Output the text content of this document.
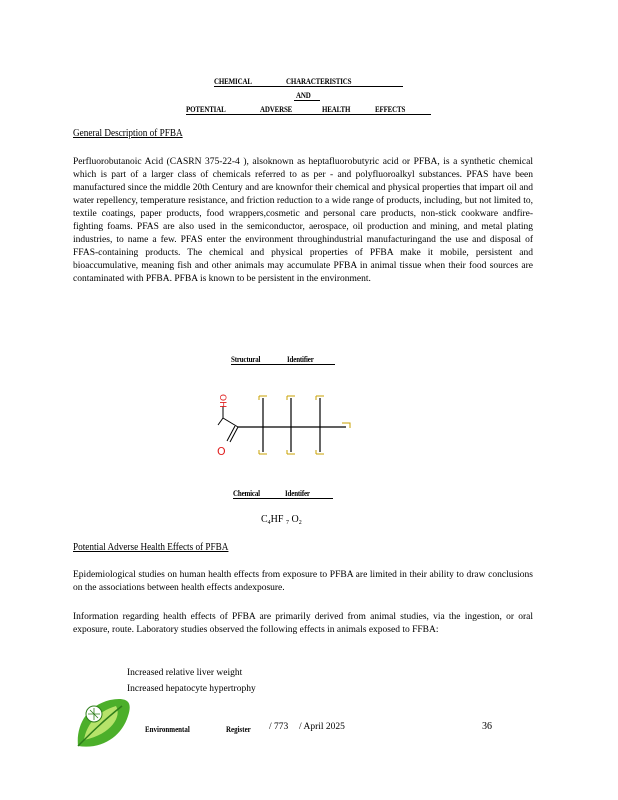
CHEMICAL	CHARACTERISTICS
AND
POTENTIAL	ADVERSE	HEALTH	EFFECTS
General Description of PFBA
Perfluorobutanoic Acid (CASRN 375-22-4 ), alsoknown as heptafluorobutyric acid or PFBA, is a synthetic chemical which is part of a larger class of chemicals referred to as per - and polyfluoroalkyl substances. PFAS have been manufactured since the middle 20th Century and are knownfor their chemical and physical properties that impart oil and water repellency, temperature resistance, and friction reduction to a wide range of products, including, but not limited to, textile coatings, paper products, food wrappers,cosmetic and personal care products, non-stick cookware andfire-fighting foams. PFAS are also used in the semiconductor, aerospace, oil production and mining, and metal plating industries, to name a few. PFAS enter the environment throughindustrial manufacturingand the use and disposal of FFAS-containing products. The chemical and physical properties of PFBA make it mobile, persistent and bioaccumulative, meaning fish and other animals may accumulate PFBA in animal tissue when their food sources are contaminated with PFBA. PFBA is known to be persistent in the environment.
Structural	Identifier
OH
O
Chemical	Identifer
$C_4HF$ $_7$ $O_2$
Potential Adverse Health Effects of PFBA
Epidemiological studies on human health effects from exposure to PFBA are limited in their ability to draw conclusions on the associations between health effects andexposure.
Information regarding health effects of PFBA are primarily derived from animal studies, via the ingestion, or oral exposure, route. Laboratory studies observed the following effects in animals exposed to FFBA:
Increased relative liver weight
Increased hepatocyte hypertrophy
Environmental	Register / 773 / April 2025	36
